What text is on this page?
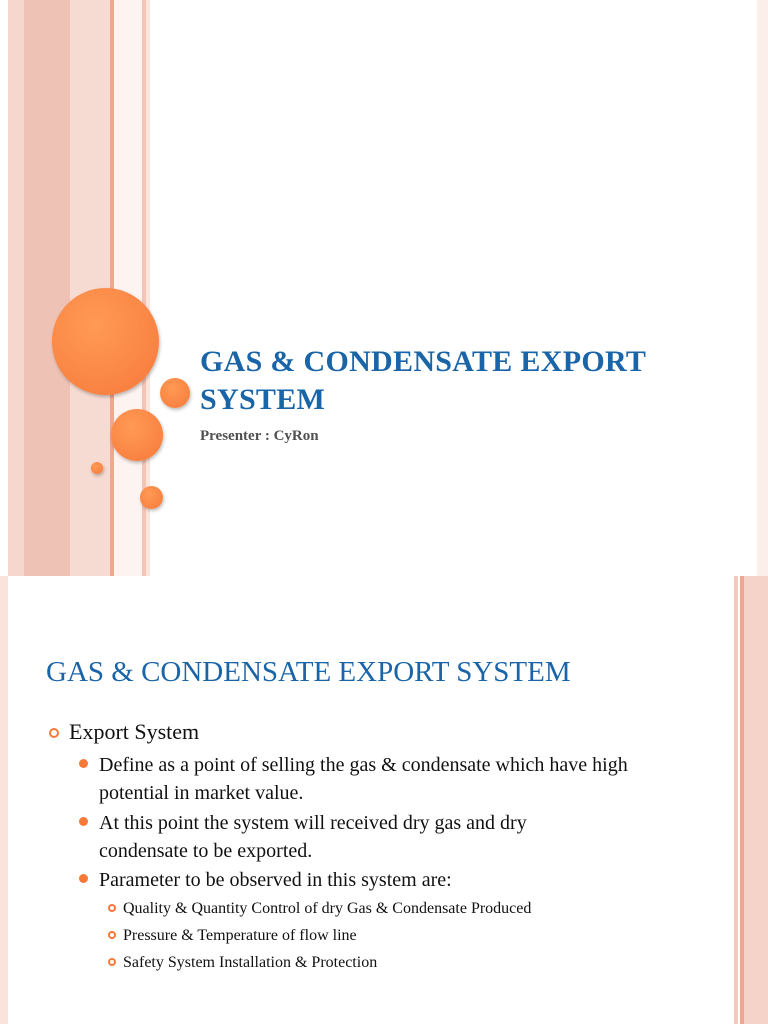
GAS & CONDENSATE EXPORT SYSTEM

Presenter : CyRon

GAS & CONDENSATE EXPORT SYSTEM

Export System

Define as a point of selling the gas & condensate which have high potential in market value.

At this point the system will received dry gas and dry condensate to be exported.

Parameter to be observed in this system are:

Quality & Quantity Control of dry Gas & Condensate Produced

Pressure & Temperature of flow line

Safety System Installation & Protection
